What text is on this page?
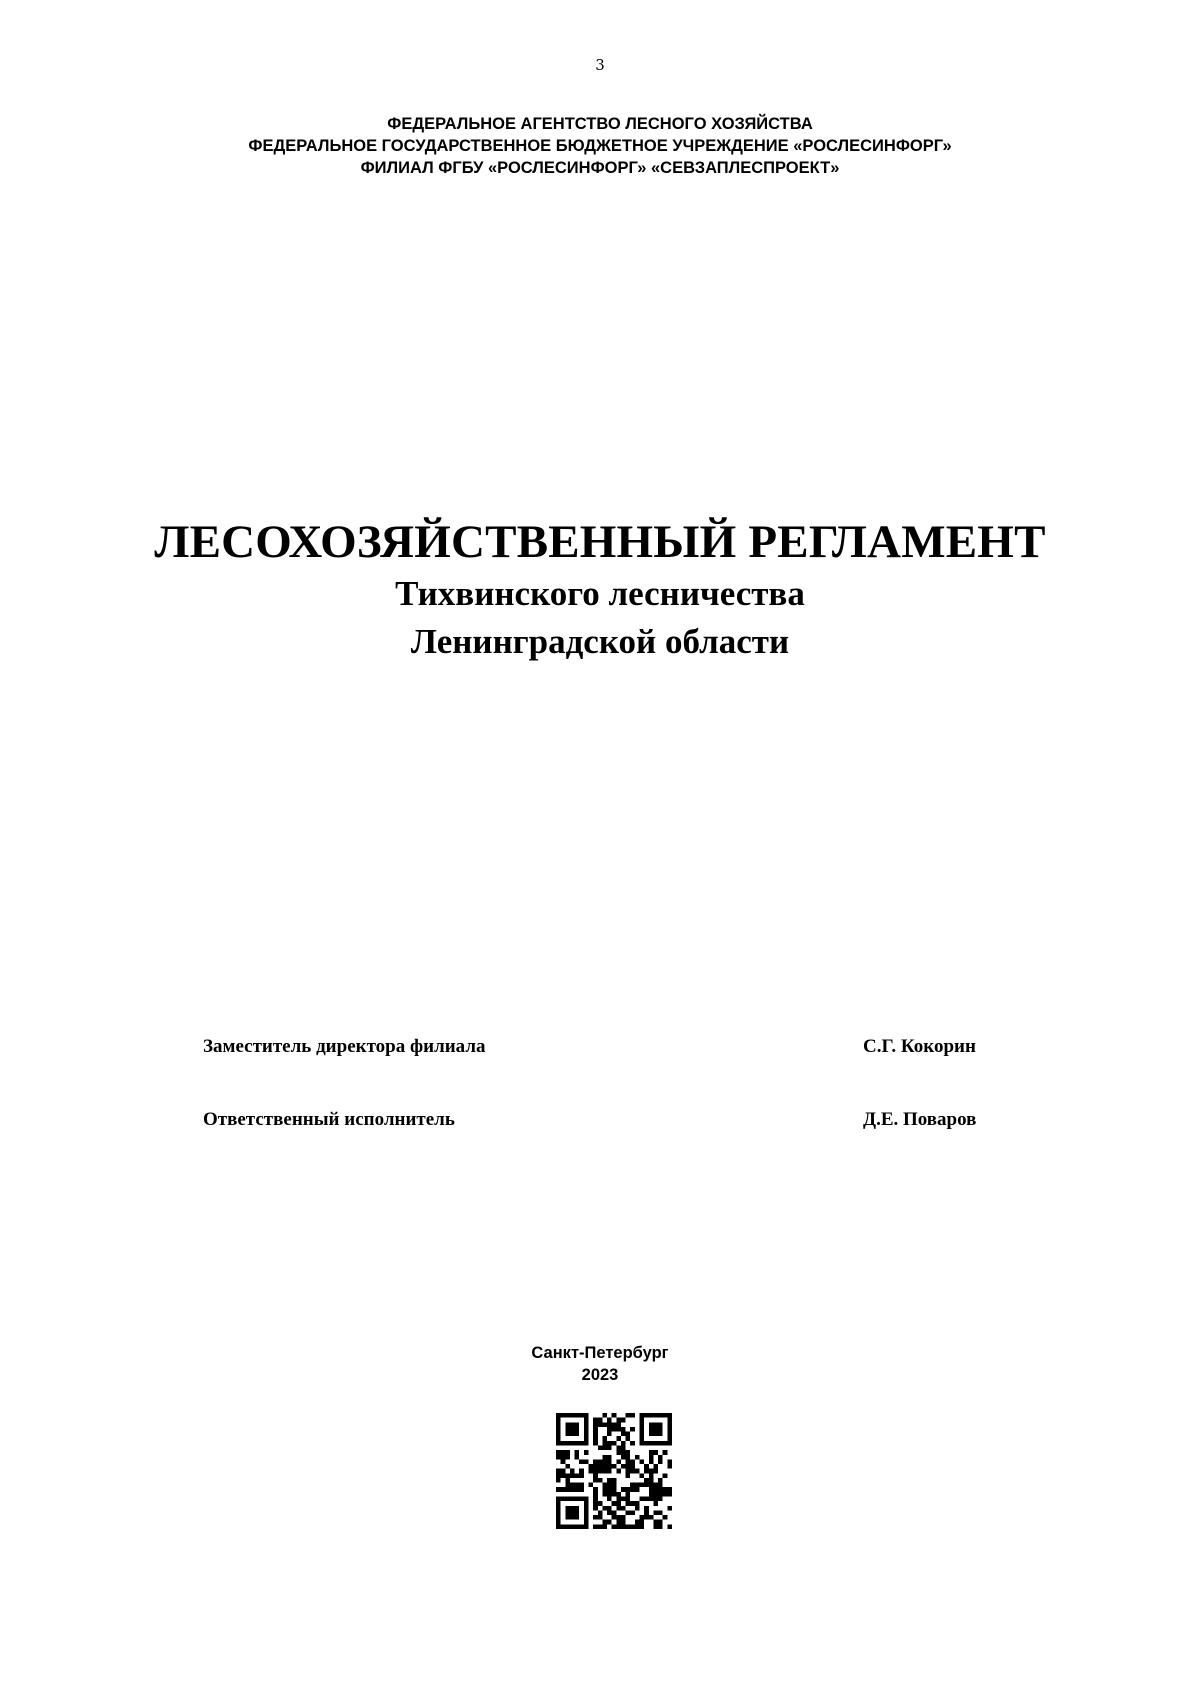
3
ФЕДЕРАЛЬНОЕ АГЕНТСТВО ЛЕСНОГО ХОЗЯЙСТВА
ФЕДЕРАЛЬНОЕ ГОСУДАРСТВЕННОЕ БЮДЖЕТНОЕ УЧРЕЖДЕНИЕ «РОСЛЕСИНФОРГ»
ФИЛИАЛ ФГБУ «РОСЛЕСИНФОРГ» «СЕВЗАПЛЕСПРОЕКТ»
ЛЕСОХОЗЯЙСТВЕННЫЙ РЕГЛАМЕНТ
Тихвинского лесничества
Ленинградской области
Заместитель директора филиала	С.Г. Кокорин
Ответственный исполнитель	Д.Е. Поваров
Санкт-Петербург
2023
